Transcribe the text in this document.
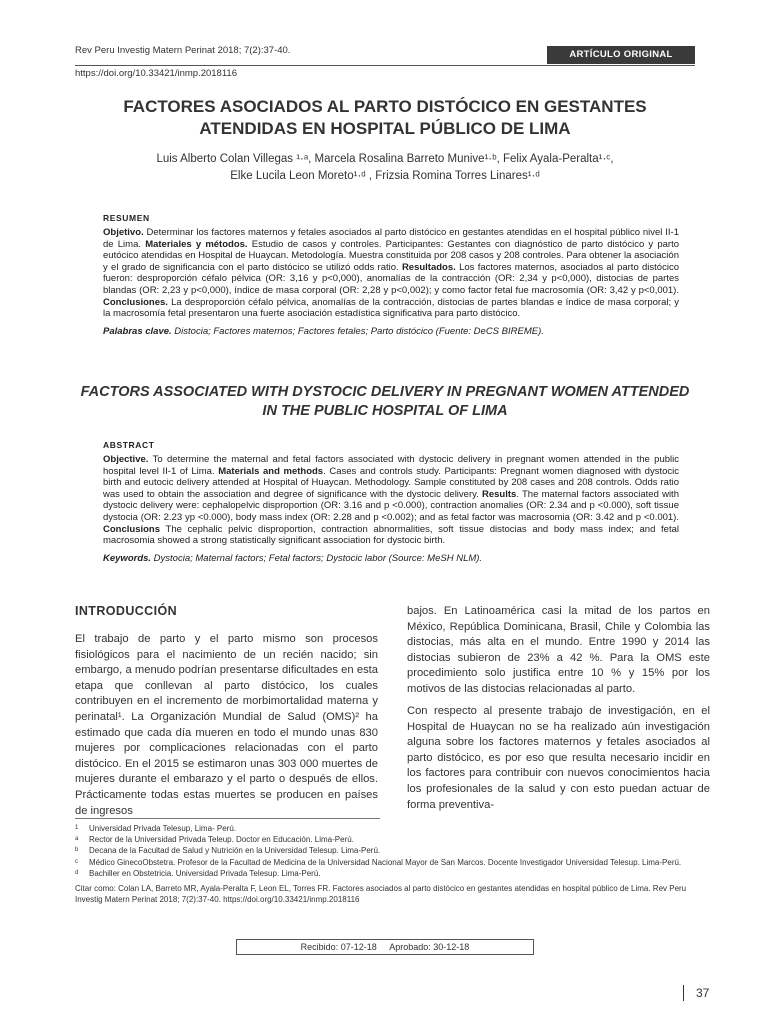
Rev Peru Investig Matern Perinat 2018; 7(2):37-40.	ARTÍCULO ORIGINAL
https://doi.org/10.33421/inmp.2018116
FACTORES ASOCIADOS AL PARTO DISTÓCICO EN GESTANTES ATENDIDAS EN HOSPITAL PÚBLICO DE LIMA
Luis Alberto Colan Villegas ¹·ᵃ, Marcela Rosalina Barreto Munive¹·ᵇ, Felix Ayala-Peralta¹·ᶜ,
Elke Lucila Leon Moreto¹·ᵈ , Frizsia Romina Torres Linares¹·ᵈ
RESUMEN
Objetivo. Determinar los factores maternos y fetales asociados al parto distócico en gestantes atendidas en el hospital público nivel II-1 de Lima. Materiales y métodos. Estudio de casos y controles. Participantes: Gestantes con diagnóstico de parto distócico y parto eutócico atendidas en Hospital de Huaycan. Metodología. Muestra constituida por 208 casos y 208 controles. Para obtener la asociación y el grado de significancia con el parto distócico se utilizó odds ratio. Resultados. Los factores maternos, asociados al parto distócico fueron: desproporción céfalo pélvica (OR: 3,16 y p<0,000), anomalías de la contracción (OR: 2,34 y p<0,000), distocias de partes blandas (OR: 2,23 y p<0,000), índice de masa corporal (OR: 2,28 y p<0,002); y como factor fetal fue macrosomía (OR: 3,42 y p<0,001). Conclusiones. La desproporción céfalo pélvica, anomalías de la contracción, distocias de partes blandas e índice de masa corporal; y la macrosomía fetal presentaron una fuerte asociación estadística significativa para parto distócico.
Palabras clave. Distocia; Factores maternos; Factores fetales; Parto distócico (Fuente: DeCS BIREME).
FACTORS ASSOCIATED WITH DYSTOCIC DELIVERY IN PREGNANT WOMEN ATTENDED IN THE PUBLIC HOSPITAL OF LIMA
ABSTRACT
Objective. To determine the maternal and fetal factors associated with dystocic delivery in pregnant women attended in the public hospital level II-1 of Lima. Materials and methods. Cases and controls study. Participants: Pregnant women diagnosed with dystocic birth and eutocic delivery attended at Hospital of Huaycan. Methodology. Sample constituted by 208 cases and 208 controls. Odds ratio was used to obtain the association and degree of significance with the dystocic delivery. Results. The maternal factors associated with dystocic delivery were: cephalopelvic disproportion (OR: 3.16 and p <0.000), contraction anomalies (OR: 2.34 and p <0.000), soft tissue dystocia (OR: 2.23 yp <0.000), body mass index (OR: 2.28 and p <0.002); and as fetal factor was macrosomia (OR: 3.42 and p <0.001). Conclusions The cephalic pelvic disproportion, contraction abnormalities, soft tissue distocias and body mass index; and fetal macrosomia showed a strong statistically significant association for dystocic birth.
Keywords. Dystocia; Maternal factors; Fetal factors; Dystocic labor (Source: MeSH NLM).
INTRODUCCIÓN
El trabajo de parto y el parto mismo son procesos fisiológicos para el nacimiento de un recién nacido; sin embargo, a menudo podrían presentarse dificultades en esta etapa que conllevan al parto distócico, los cuales contribuyen en el incremento de morbimortalidad materna y perinatal¹. La Organización Mundial de Salud (OMS)² ha estimado que cada día mueren en todo el mundo unas 830 mujeres por complicaciones relacionadas con el parto distócico. En el 2015 se estimaron unas 303 000 muertes de mujeres durante el embarazo y el parto o después de ellos. Prácticamente todas estas muertes se producen en países de ingresos
bajos. En Latinoamérica casi la mitad de los partos en México, República Dominicana, Brasil, Chile y Colombia las distocias, más alta en el mundo. Entre 1990 y 2014 las distocias subieron de 23% a 42 %. Para la OMS este procedimiento solo justifica entre 10 % y 15% por los motivos de las distocias relacionadas al parto.
Con respecto al presente trabajo de investigación, en el Hospital de Huaycan no se ha realizado aún investigación alguna sobre los factores maternos y fetales asociados al parto distócico, es por eso que resulta necesario incidir en los factores para contribuir con nuevos conocimientos hacia los profesionales de la salud y con esto puedan actuar de forma preventiva-
1	Universidad Privada Telesup, Lima- Perú.
a	Rector de la Universidad Privada Teleup. Doctor en Educación. Lima-Perú.
b	Decana de la Facultad de Salud y Nutrición en la Universidad Telesup. Lima-Perú.
c	Médico GinecoObstetra. Profesor de la Facultad de Medicina de la Universidad Nacional Mayor de San Marcos. Docente Investigador Universidad Telesup. Lima-Perú.
d	Bachiller en Obstetricia. Universidad Privada Telesup. Lima-Perú.
Citar como: Colan LA, Barreto MR, Ayala-Peralta F, Leon EL, Torres FR. Factores asociados al parto distócico en gestantes atendidas en hospital público de Lima. Rev Peru Investig Matern Perinat 2018; 7(2):37-40. https://doi.org/10.33421/inmp.2018116
Recibido: 07-12-18 Aprobado: 30-12-18
37
